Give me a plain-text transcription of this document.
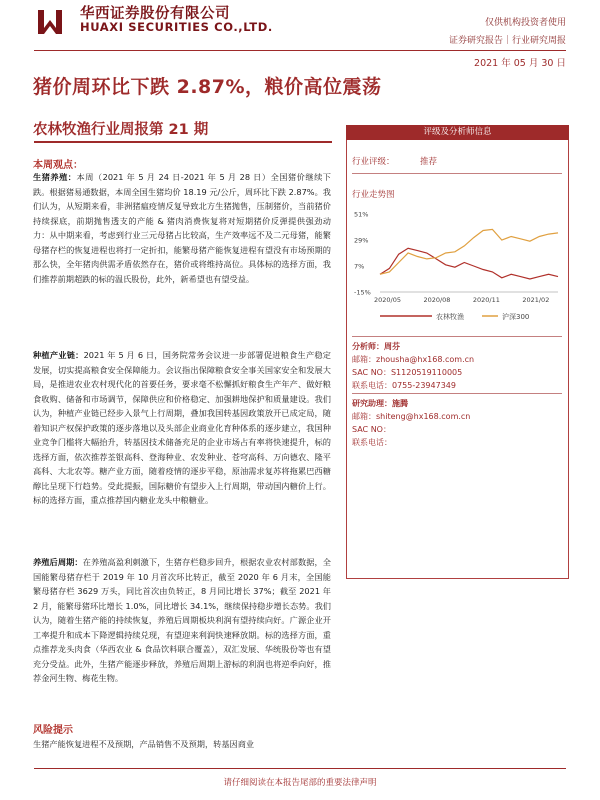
华西证券股份有限公司
HUAXI SECURITIES CO.,LTD.	仅供机构投资者使用
证券研究报告｜行业研究周报
2021 年 05 月 30 日
猪价周环比下跌 2.87%，粮价高位震荡
农林牧渔行业周报第 21 期
本周观点：
生猪养殖：本周（2021 年 5 月 24 日-2021 年 5 月 28 日）全国猪价继续下跌。根据猪易通数据，本周全国生猪均价 18.19 元/公斤，周环比下跌 2.87%。我们认为，从短期来看，非洲猪瘟疫情反复导致北方生猪抛售，压制猪价，当前猪价持续探底，前期抛售透支的产能 & 猪肉消费恢复将对短期猪价反弹提供强劲动力：从中期来看，考虑到行业三元母猪占比较高，生产效率远不及二元母猪，能繁母猪存栏的恢复进程也将打一定折扣，能繁母猪产能恢复进程有望没有市场预期的那么快，全年猪肉供需矛盾依然存在，猪价或将维持高位。具体标的选择方面，我们推荐前期超跌的标的温氏股份，此外，新希望也有望受益。
种植产业链：2021 年 5 月 6 日，国务院常务会议进一步部署促进粮食生产稳定发展，切实提高粮食安全保障能力。会议指出保障粮食安全事关国家安全和发展大局，是推进农业农村现代化的首要任务，要求毫不松懈抓好粮食生产年产、做好粮食收购、储备和市场调节，保障供应和价格稳定、加强耕地保护和质量建设。我们认为，种植产业链已经步入景气上行周期，叠加我国转基因政策放开已成定局，随着知识产权保护政策的逐步落地以及头部企业商业化育种体系的逐步建立，我国种业竞争门槛将大幅抬升，转基因技术储备充足的企业市场占有率将快速提升，标的选择方面，依次推荐荃银高科、登海种业、农发种业、苍穹高科、万向德农、隆平高科、大北农等。糖产业方面，随着疫情的逐步平稳，原油需求复苏将拖累巴西糖醇比呈现下行趋势。受此提振，国际糖价有望步入上行周期，带动国内糖价上行。标的选择方面，重点推荐国内糖业龙头中粮糖业。
养殖后周期：在养殖高盈利刺激下，生猪存栏稳步回升，根据农业农村部数据，全国能繁母猪存栏于 2019 年 10 月首次环比转正，截至 2020 年 6 月末，全国能繁母猪存栏 3629 万头，同比首次由负转正，8 月同比增长 37%；截至 2021 年 2 月，能繁母猪环比增长 1.0%，同比增长 34.1%，继续保持稳步增长态势。我们认为，随着生猪产能的持续恢复，养殖后周期板块利润有望持续向好。广源企业开工率提升和成本下降逻辑持续兑现，有望迎来利润快速释放期。标的选择方面，重点推荐龙头肉食（华西农业 & 食品饮料联合覆盖），双汇发展、华统股份等也有望充分受益。此外，生猪产能逐步释放，养殖后周期上游标的利润也将逆季向好，推荐金河生物、梅花生物。
风险提示
生猪产能恢复进程不及预期，产品销售不及预期，转基因商业
评级及分析师信息
行业评级：	推荐
行业走势图
51%
29%
7%
-15%
2020/05	2020/08	2020/11	2021/02
农林牧渔	沪深300
分析师：周芬
邮箱：zhousha@hx168.com.cn
SAC NO：S1120519110005
联系电话：0755-23947349
研究助理：施腾
邮箱：shiteng@hx168.com.cn
SAC NO：
联系电话：
请仔细阅读在本报告尾部的重要法律声明
